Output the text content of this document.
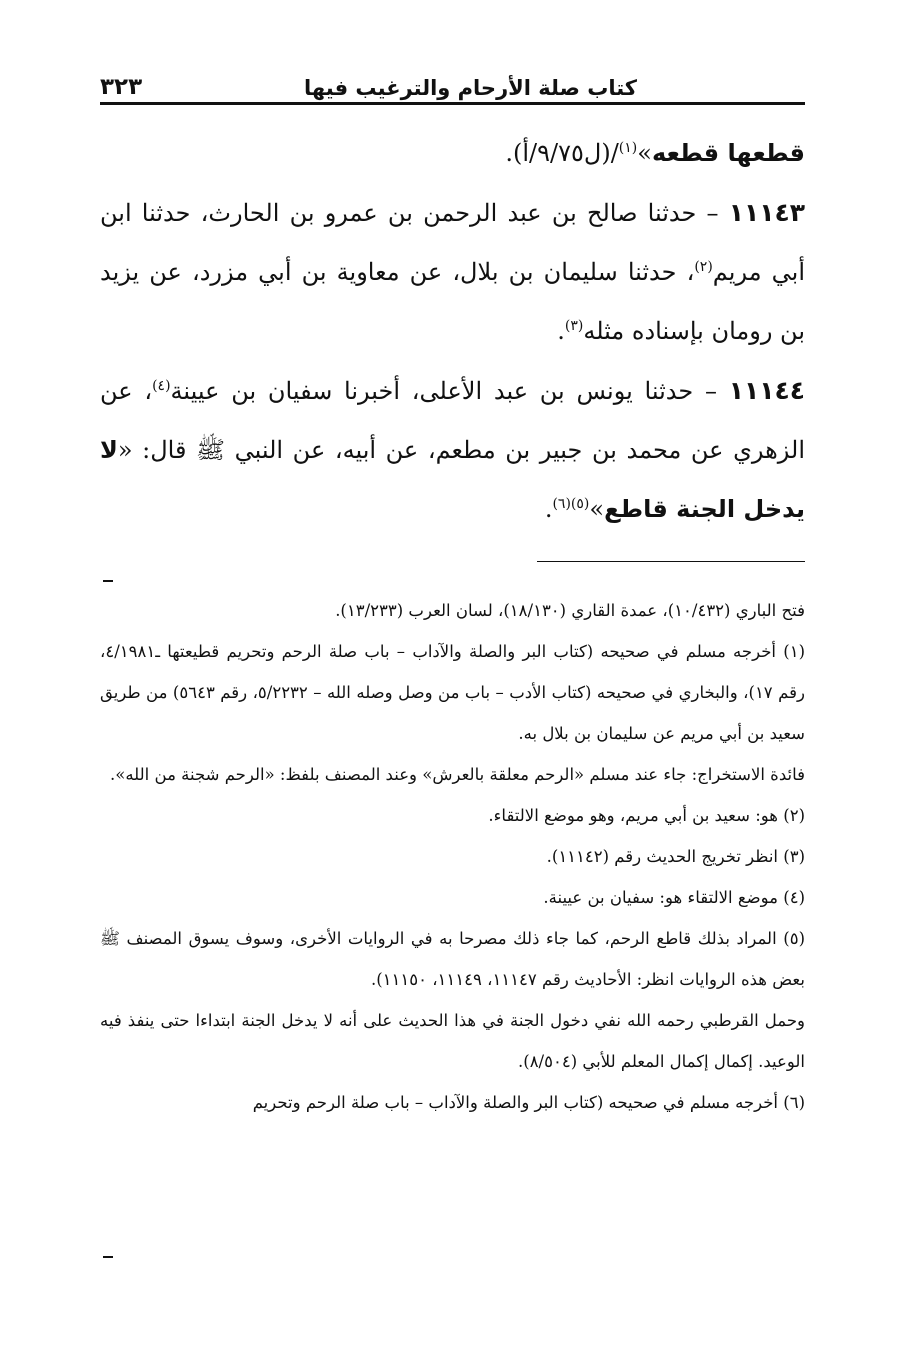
كتاب صلة الأرحام والترغيب فيها
٣٢٣

قطعها قطعه»$^{(١)}$/(ل٩/٧٥/أ).

١١١٤٣ – حدثنا صالح بن عبد الرحمن بن عمرو بن الحارث، حدثنا ابن أبي مريم$^{(٢)}$، حدثنا سليمان بن بلال، عن معاوية بن أبي مزرد، عن يزيد بن رومان بإسناده مثله$^{(٣)}$.

١١١٤٤ – حدثنا يونس بن عبد الأعلى، أخبرنا سفيان بن عيينة$^{(٤)}$، عن الزهري عن محمد بن جبير بن مطعم، عن أبيه، عن النبي ﷺ قال: «لا يدخل الجنة قاطع»$^{(٥)(٦)}$.

فتح الباري (١٠/٤٣٢)، عمدة القاري (١٨/١٣٠)، لسان العرب (١٣/٢٣٣).

(١) أخرجه مسلم في صحيحه (كتاب البر والصلة والآداب – باب صلة الرحم وتحريم قطيعتها ـ٤/١٩٨١، رقم ١٧)، والبخاري في صحيحه (كتاب الأدب – باب من وصل وصله الله – ٥/٢٢٣٢، رقم ٥٦٤٣) من طريق سعيد بن أبي مريم عن سليمان بن بلال به.

فائدة الاستخراج: جاء عند مسلم «الرحم معلقة بالعرش» وعند المصنف بلفظ: «الرحم شجنة من الله».

(٢) هو: سعيد بن أبي مريم، وهو موضع الالتقاء.

(٣) انظر تخريج الحديث رقم (١١١٤٢).

(٤) موضع الالتقاء هو: سفيان بن عيينة.

(٥) المراد بذلك قاطع الرحم، كما جاء ذلك مصرحا به في الروايات الأخرى، وسوف يسوق المصنف ﷺ بعض هذه الروايات انظر: الأحاديث رقم ١١١٤٧، ١١١٤٩، ١١١٥٠).

وحمل القرطبي رحمه الله نفي دخول الجنة في هذا الحديث على أنه لا يدخل الجنة ابتداءا حتى ينفذ فيه الوعيد. إكمال إكمال المعلم للأبي (٨/٥٠٤).

(٦) أخرجه مسلم في صحيحه (كتاب البر والصلة والآداب – باب صلة الرحم وتحريم
